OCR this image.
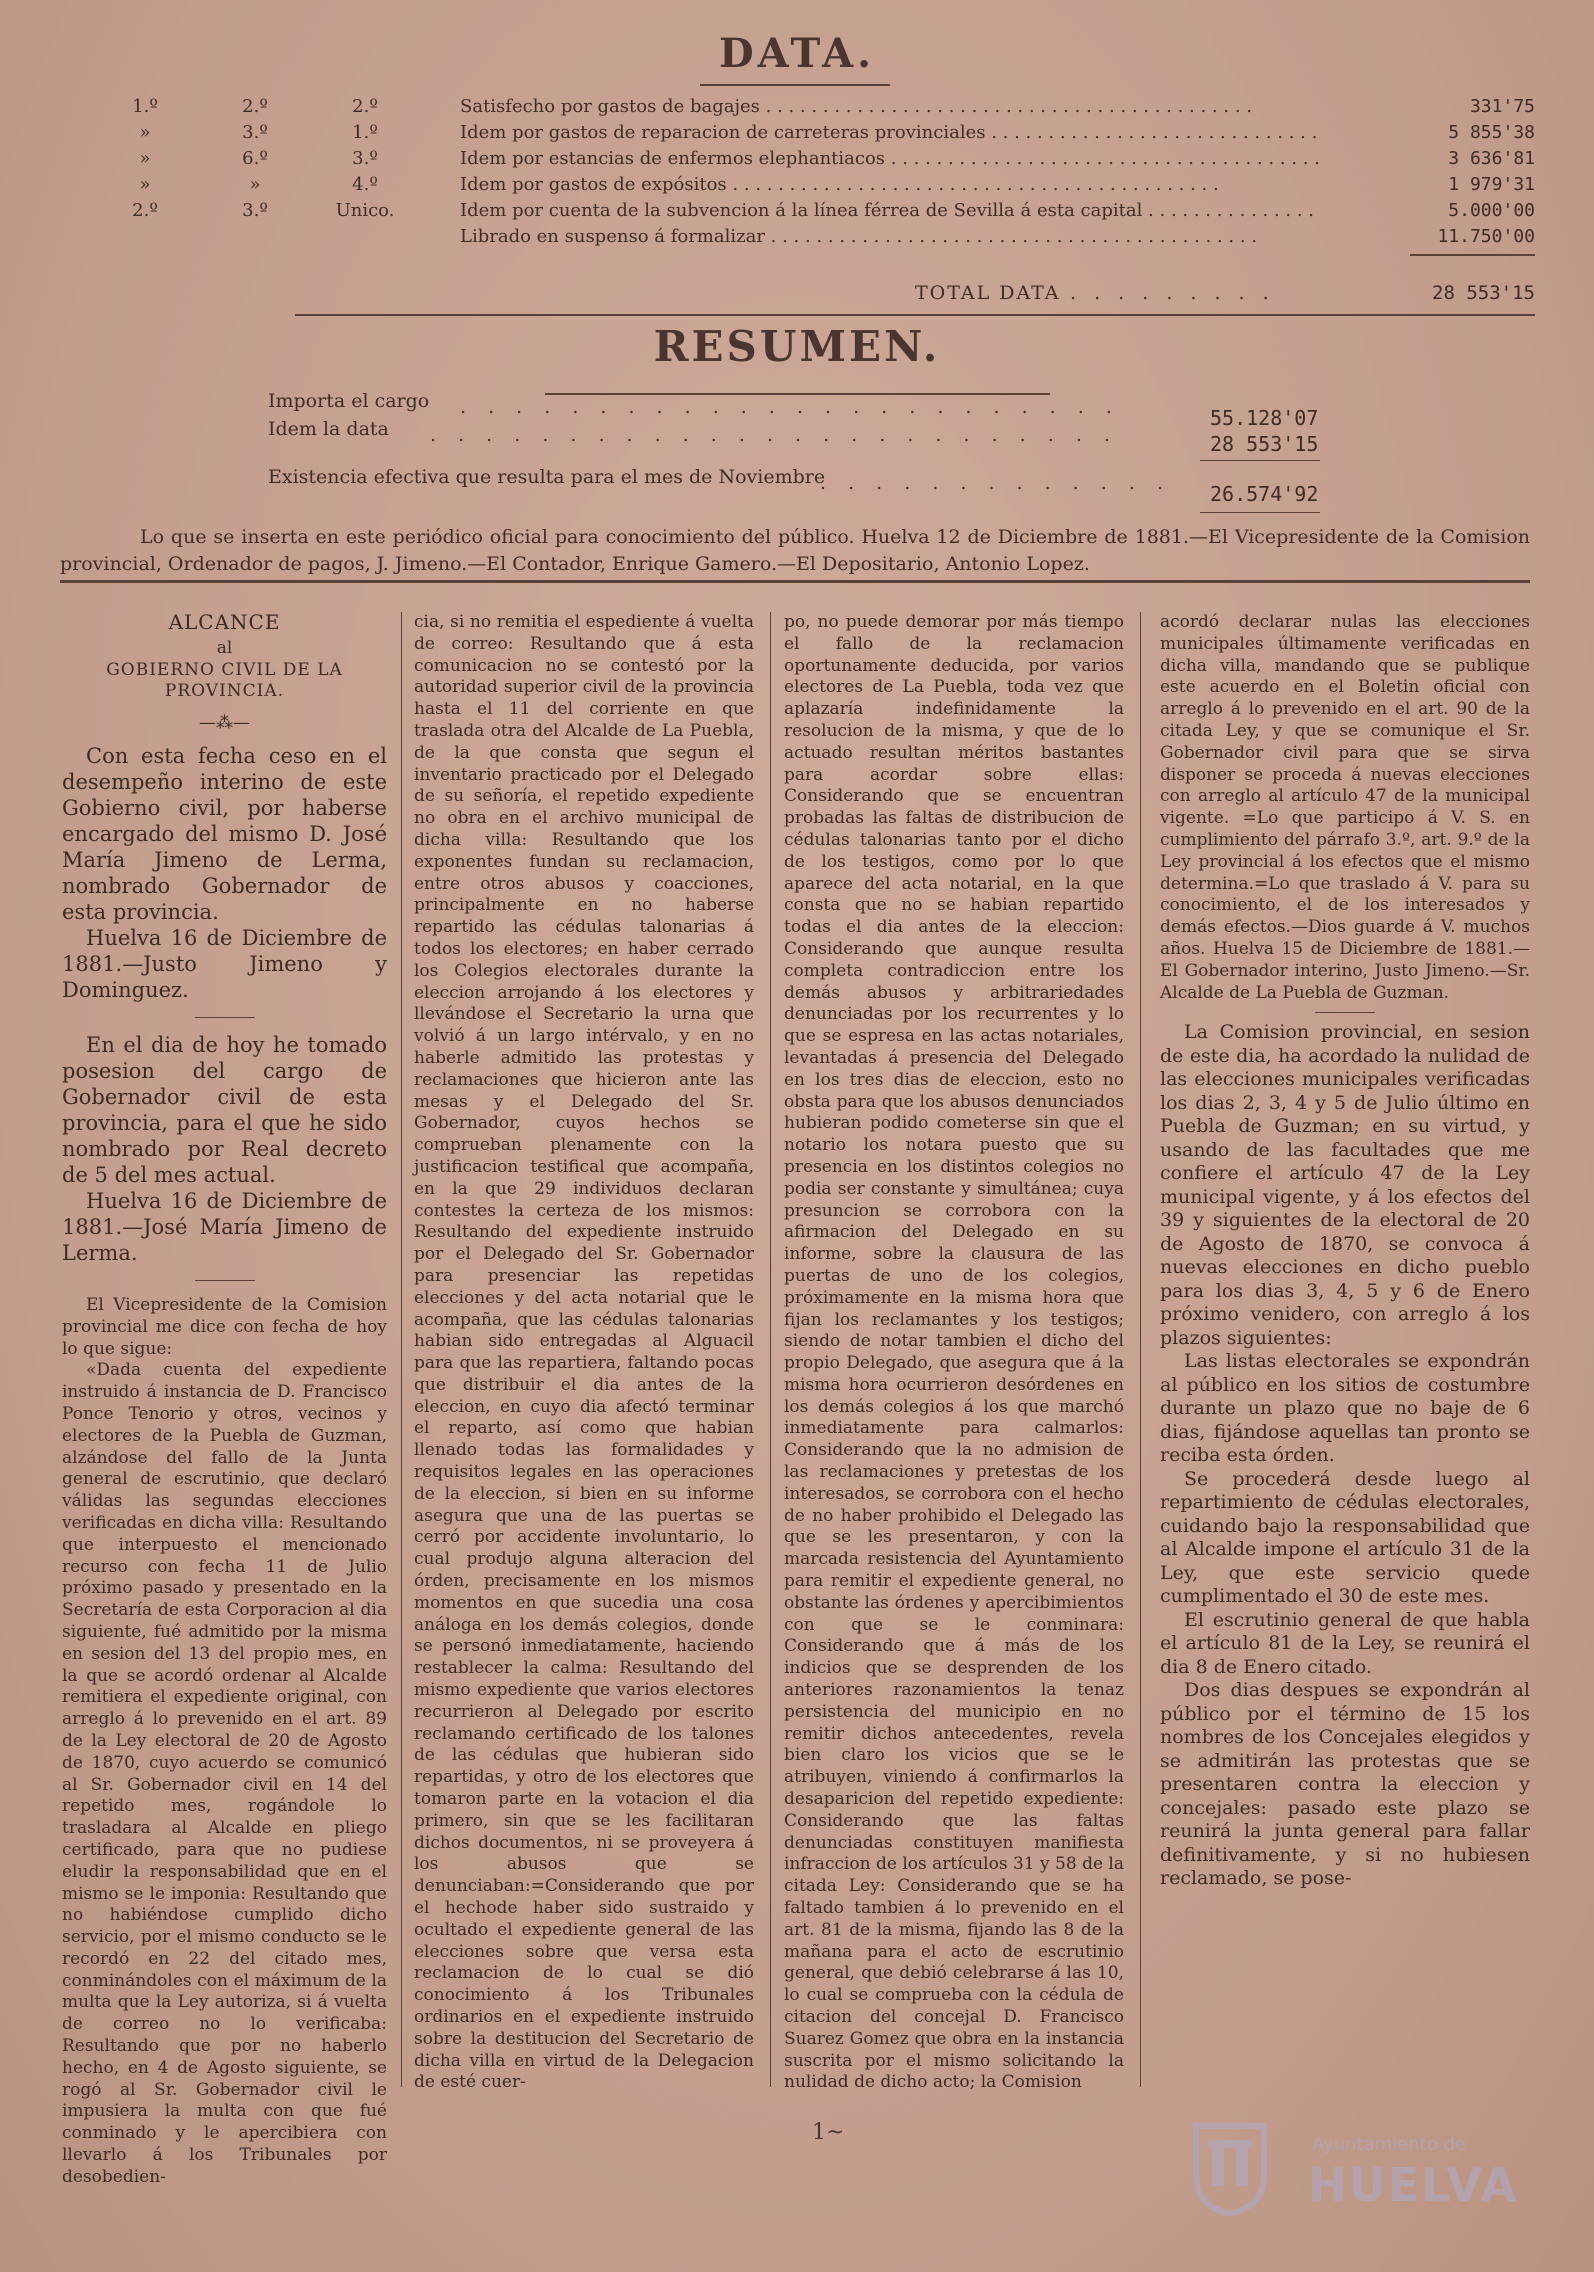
DATA.
1.º	2.º	2.º	Satisfecho por gastos de bagajes . . .	331'75
»	3.º	1.º	Idem por gastos de reparacion de carreteras provinciales . . .	5 855'38
»	6.º	3.º	Idem por estancias de enfermos elephantiacos . . .	3 636'81
»	»	4.º	Idem por gastos de expósitos . . .	1 979'31
2.º	3.º	Unico.	Idem por cuenta de la subvencion á la línea férrea de Sevilla á esta capital . . .	5.000'00
Librado en suspenso á formalizar . . .	11.750'00
TOTAL DATA . . . . . . . . .	28 553'15
RESUMEN.
Importa el cargo . . . . . . . . . . . . . . . . . . . . . . . .	55.128'07
Idem la data . . . . . . . . . . . . . . . . . . . . . . . . .	28 553'15
Existencia efectiva que resulta para el mes de Noviembre
. . . . . . . . . . . . . 26.574'92
Lo que se inserta en este periódico oficial para conocimiento del público. Huelva 12 de Diciembre de 1881.—El Vicepresidente de la Comision provincial, Ordenador de pagos, J. Jimeno.—El Contador, Enrique Gamero.—El Depositario, Antonio Lopez.

ALCANCE

al

GOBIERNO CIVIL DE LA PROVINCIA.

—⁂—

Con esta fecha ceso en el desempeño interino de este Gobierno civil, por haberse encargado del mismo D. José María Jimeno de Lerma, nombrado Gobernador de esta provincia.

Huelva 16 de Diciembre de 1881.—Justo Jimeno y Dominguez.

En el dia de hoy he tomado posesion del cargo de Gobernador civil de esta provincia, para el que he sido nombrado por Real decreto de 5 del mes actual.

Huelva 16 de Diciembre de 1881.—José María Jimeno de Lerma.

El Vicepresidente de la Comision provincial me dice con fecha de hoy lo que sigue:

«Dada cuenta del expediente instruido á instancia de D. Francisco Ponce Tenorio y otros, vecinos y electores de la Puebla de Guzman, alzándose del fallo de la Junta general de escrutinio, que declaró válidas las segundas elecciones verificadas en dicha villa: Resultando que interpuesto el mencionado recurso con fecha 11 de Julio próximo pasado y presentado en la Secretaría de esta Corporacion al dia siguiente, fué admitido por la misma en sesion del 13 del propio mes, en la que se acordó ordenar al Alcalde remitiera el expediente original, con arreglo á lo prevenido en el art. 89 de la Ley electoral de 20 de Agosto de 1870, cuyo acuerdo se comunicó al Sr. Gobernador civil en 14 del repetido mes, rogándole lo trasladara al Alcalde en pliego certificado, para que no pudiese eludir la responsabilidad que en el mismo se le imponia: Resultando que no habiéndose cumplido dicho servicio, por el mismo conducto se le recordó en 22 del citado mes, conminándoles con el máximum de la multa que la Ley autoriza, si á vuelta de correo no lo verificaba: Resultando que por no haberlo hecho, en 4 de Agosto siguiente, se rogó al Sr. Gobernador civil le impusiera la multa con que fué conminado y le apercibiera con llevarlo á los Tribunales por desobedien-

cia, si no remitia el espediente á vuelta de correo: Resultando que á esta comunicacion no se contestó por la autoridad superior civil de la provincia hasta el 11 del corriente en que traslada otra del Alcalde de La Puebla, de la que consta que segun el inventario practicado por el Delegado de su señoría, el repetido expediente no obra en el archivo municipal de dicha villa: Resultando que los exponentes fundan su reclamacion, entre otros abusos y coacciones, principalmente en no haberse repartido las cédulas talonarias á todos los electores; en haber cerrado los Colegios electorales durante la eleccion arrojando á los electores y llevándose el Secretario la urna que volvió á un largo intérvalo, y en no haberle admitido las protestas y reclamaciones que hicieron ante las mesas y el Delegado del Sr. Gobernador, cuyos hechos se comprueban plenamente con la justificacion testifical que acompaña, en la que 29 individuos declaran contestes la certeza de los mismos: Resultando del expediente instruido por el Delegado del Sr. Gobernador para presenciar las repetidas elecciones y del acta notarial que le acompaña, que las cédulas talonarias habian sido entregadas al Alguacil para que las repartiera, faltando pocas que distribuir el dia antes de la eleccion, en cuyo dia afectó terminar el reparto, así como que habian llenado todas las formalidades y requisitos legales en las operaciones de la eleccion, si bien en su informe asegura que una de las puertas se cerró por accidente involuntario, lo cual produjo alguna alteracion del órden, precisamente en los mismos momentos en que sucedia una cosa análoga en los demás colegios, donde se personó inmediatamente, haciendo restablecer la calma: Resultando del mismo expediente que varios electores recurrieron al Delegado por escrito reclamando certificado de los talones de las cédulas que hubieran sido repartidas, y otro de los electores que tomaron parte en la votacion el dia primero, sin que se les facilitaran dichos documentos, ni se proveyera á los abusos que se denunciaban:=Considerando que por el hechode haber sido sustraido y ocultado el expediente general de las elecciones sobre que versa esta reclamacion de lo cual se dió conocimiento á los Tribunales ordinarios en el expediente instruido sobre la destitucion del Secretario de dicha villa en virtud de la Delegacion de esté cuer-

po, no puede demorar por más tiempo el fallo de la reclamacion oportunamente deducida, por varios electores de La Puebla, toda vez que aplazaría indefinidamente la resolucion de la misma, y que de lo actuado resultan méritos bastantes para acordar sobre ellas: Considerando que se encuentran probadas las faltas de distribucion de cédulas talonarias tanto por el dicho de los testigos, como por lo que aparece del acta notarial, en la que consta que no se habian repartido todas el dia antes de la eleccion: Considerando que aunque resulta completa contradiccion entre los demás abusos y arbitrariedades denunciadas por los recurrentes y lo que se espresa en las actas notariales, levantadas á presencia del Delegado en los tres dias de eleccion, esto no obsta para que los abusos denunciados hubieran podido cometerse sin que el notario los notara puesto que su presencia en los distintos colegios no podia ser constante y simultánea; cuya presuncion se corrobora con la afirmacion del Delegado en su informe, sobre la clausura de las puertas de uno de los colegios, próximamente en la misma hora que fijan los reclamantes y los testigos; siendo de notar tambien el dicho del propio Delegado, que asegura que á la misma hora ocurrieron desórdenes en los demás colegios á los que marchó inmediatamente para calmarlos: Considerando que la no admision de las reclamaciones y pretestas de los interesados, se corrobora con el hecho de no haber prohibido el Delegado las que se les presentaron, y con la marcada resistencia del Ayuntamiento para remitir el expediente general, no obstante las órdenes y apercibimientos con que se le conminara: Considerando que á más de los indicios que se desprenden de los anteriores razonamientos la tenaz persistencia del municipio en no remitir dichos antecedentes, revela bien claro los vicios que se le atribuyen, viniendo á confirmarlos la desaparicion del repetido expediente: Considerando que las faltas denunciadas constituyen manifiesta infraccion de los artículos 31 y 58 de la citada Ley: Considerando que se ha faltado tambien á lo prevenido en el art. 81 de la misma, fijando las 8 de la mañana para el acto de escrutinio general, que debió celebrarse á las 10, lo cual se comprueba con la cédula de citacion del concejal D. Francisco Suarez Gomez que obra en la instancia suscrita por el mismo solicitando la nulidad de dicho acto; la Comision

acordó declarar nulas las elecciones municipales últimamente verificadas en dicha villa, mandando que se publique este acuerdo en el Boletin oficial con arreglo á lo prevenido en el art. 90 de la citada Ley, y que se comunique el Sr. Gobernador civil para que se sirva disponer se proceda á nuevas elecciones con arreglo al artículo 47 de la municipal vigente. =Lo que participo á V. S. en cumplimiento del párrafo 3.º, art. 9.º de la Ley provincial á los efectos que el mismo determina.=Lo que traslado á V. para su conocimiento, el de los interesados y demás efectos.—Dios guarde á V. muchos años. Huelva 15 de Diciembre de 1881.—El Gobernador interino, Justo Jimeno.—Sr. Alcalde de La Puebla de Guzman.

La Comision provincial, en sesion de este dia, ha acordado la nulidad de las elecciones municipales verificadas los dias 2, 3, 4 y 5 de Julio último en Puebla de Guzman; en su virtud, y usando de las facultades que me confiere el artículo 47 de la Ley municipal vigente, y á los efectos del 39 y siguientes de la electoral de 20 de Agosto de 1870, se convoca á nuevas elecciones en dicho pueblo para los dias 3, 4, 5 y 6 de Enero próximo venidero, con arreglo á los plazos siguientes:

Las listas electorales se expondrán al público en los sitios de costumbre durante un plazo que no baje de 6 dias, fijándose aquellas tan pronto se reciba esta órden.

Se procederá desde luego al repartimiento de cédulas electorales, cuidando bajo la responsabilidad que al Alcalde impone el artículo 31 de la Ley, que este servicio quede cumplimentado el 30 de este mes.

El escrutinio general de que habla el artículo 81 de la Ley, se reunirá el dia 8 de Enero citado.

Dos dias despues se expondrán al público por el término de 15 los nombres de los Concejales elegidos y se admitirán las protestas que se presentaren contra la eleccion y concejales: pasado este plazo se reunirá la junta general para fallar definitivamente, y si no hubiesen reclamado, se pose-

1~	Ayuntamiento de
HUELVA
